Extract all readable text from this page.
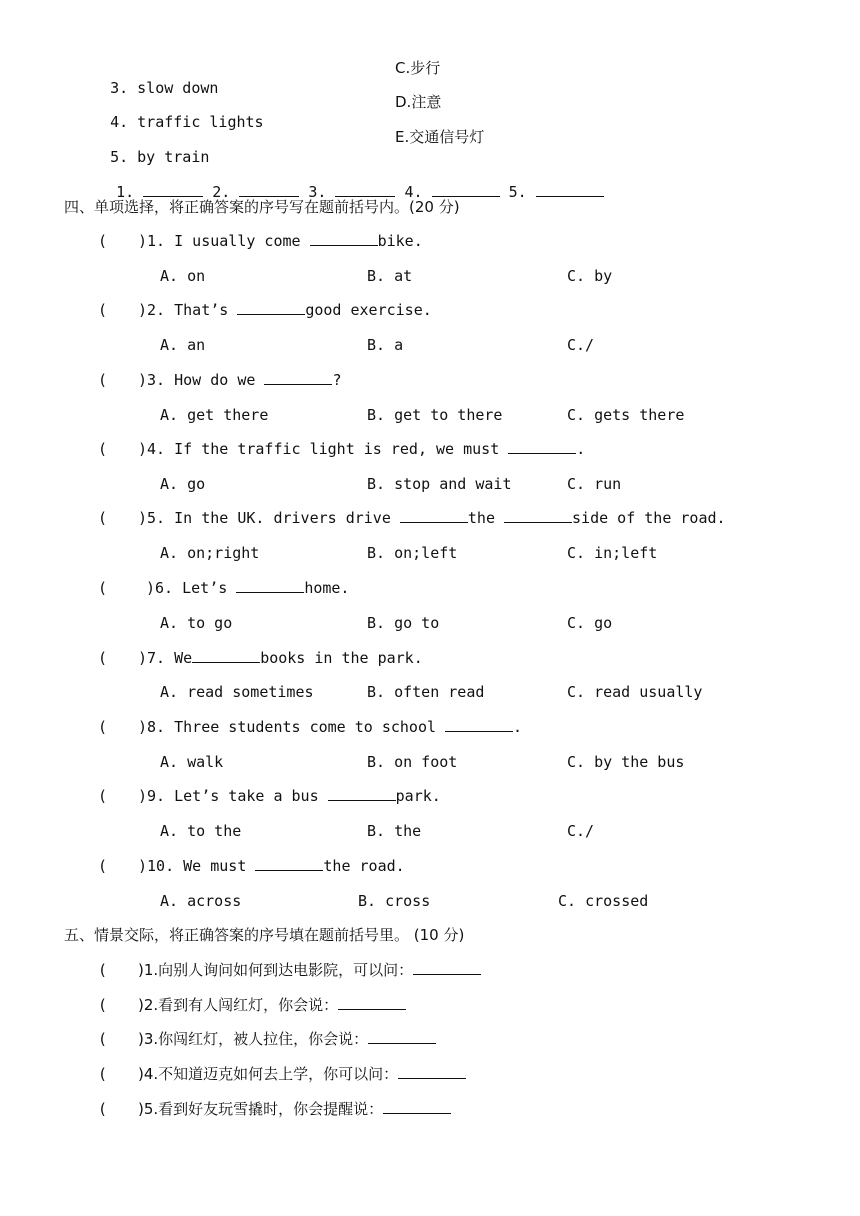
3. slow down

C.步行

4. traffic lights

D.注意

5. by train

E.交通信号灯

1.	2.	3.	4.	5.

四、单项选择，将正确答案的序号写在题前括号内。(20 分)
( )1. I usually come	bike.
A. on	B. at	C. by
( )2. That’s	good exercise.
A. an	B. a	C./
( )3. How do we	?
A. get there	B. get to there	C. gets there
( )4. If the traffic light is red, we must	.
A. go	B. stop and wait	C. run
( )5. In the UK. drivers drive	the	side of the road.
A. on;right	B. on;left	C. in;left
(	)6. Let’s	home.
A. to go	B. go to	C. go
( )7. We	books in the park.
A. read sometimes	B. often read	C. read usually
( )8. Three students come to school	.
A. walk	B. on foot	C. by the bus
( )9. Let’s take a bus	park.
A. to the	B. the	C./
( )10. We must	the road.
A. across	B. cross	C. crossed
五、情景交际，将正确答案的序号填在题前括号里。 (10 分)
( )1.向别人询问如何到达电影院，可以问：
( )2.看到有人闯红灯，你会说：
( )3.你闯红灯，被人拉住，你会说：
( )4.不知道迈克如何去上学，你可以问：
( )5.看到好友玩雪撬时，你会提醒说：
